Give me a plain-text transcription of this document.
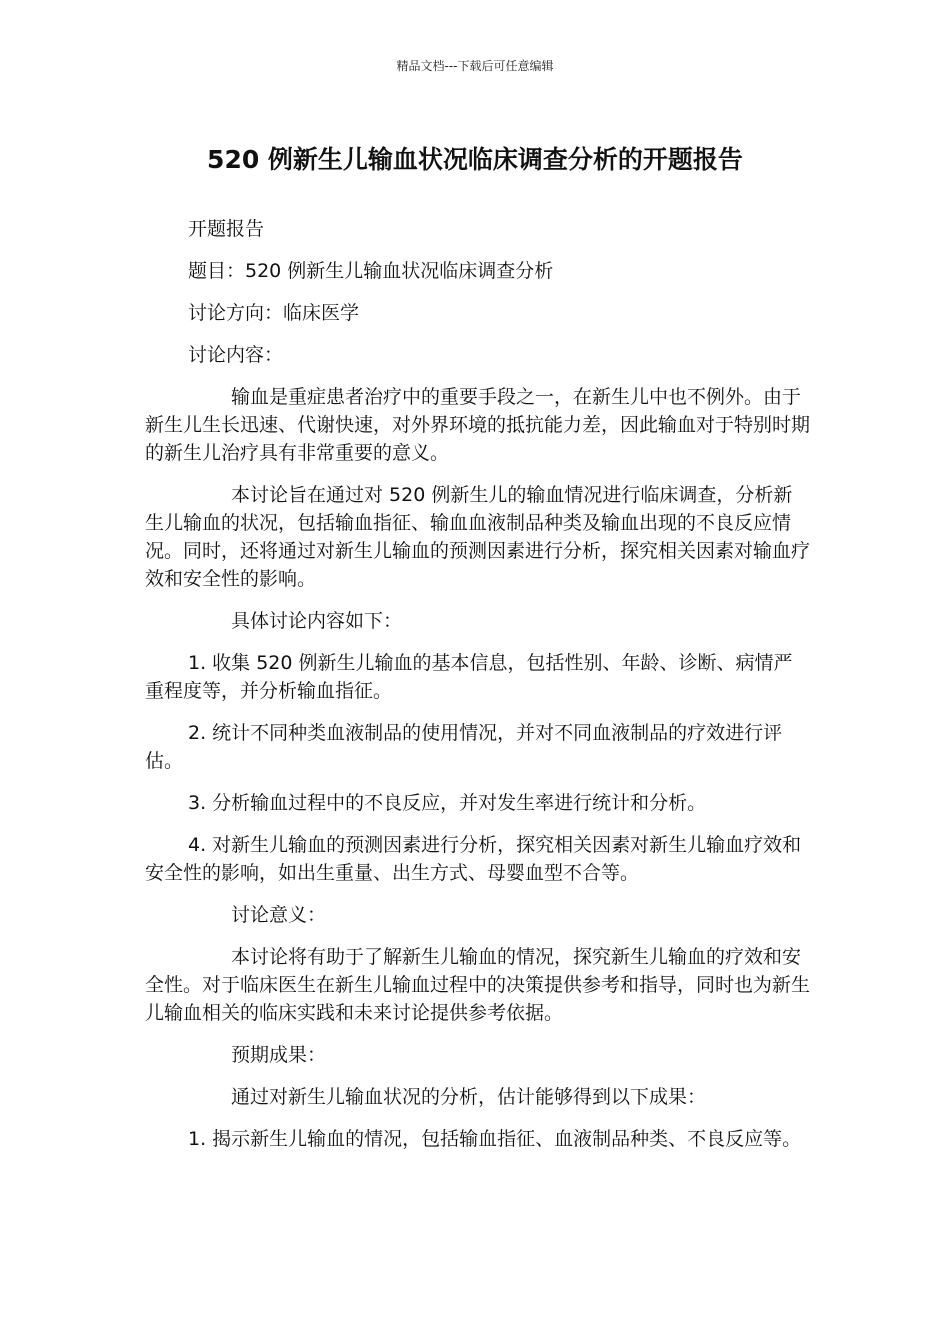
精品文档---下载后可任意编辑
520 例新生儿输血状况临床调查分析的开题报告

开题报告

题目：520 例新生儿输血状况临床调查分析

讨论方向：临床医学

讨论内容：

输血是重症患者治疗中的重要手段之一，在新生儿中也不例外。由于新生儿生长迅速、代谢快速，对外界环境的抵抗能力差，因此输血对于特别时期的新生儿治疗具有非常重要的意义。

本讨论旨在通过对 520 例新生儿的输血情况进行临床调查，分析新生儿输血的状况，包括输血指征、输血血液制品种类及输血出现的不良反应情况。同时，还将通过对新生儿输血的预测因素进行分析，探究相关因素对输血疗效和安全性的影响。

具体讨论内容如下：

1. 收集 520 例新生儿输血的基本信息，包括性别、年龄、诊断、病情严重程度等，并分析输血指征。

2. 统计不同种类血液制品的使用情况，并对不同血液制品的疗效进行评估。

3. 分析输血过程中的不良反应，并对发生率进行统计和分析。

4. 对新生儿输血的预测因素进行分析，探究相关因素对新生儿输血疗效和安全性的影响，如出生重量、出生方式、母婴血型不合等。

讨论意义：

本讨论将有助于了解新生儿输血的情况，探究新生儿输血的疗效和安全性。对于临床医生在新生儿输血过程中的决策提供参考和指导，同时也为新生儿输血相关的临床实践和未来讨论提供参考依据。

预期成果：

通过对新生儿输血状况的分析，估计能够得到以下成果：

1. 揭示新生儿输血的情况，包括输血指征、血液制品种类、不良反应等。
